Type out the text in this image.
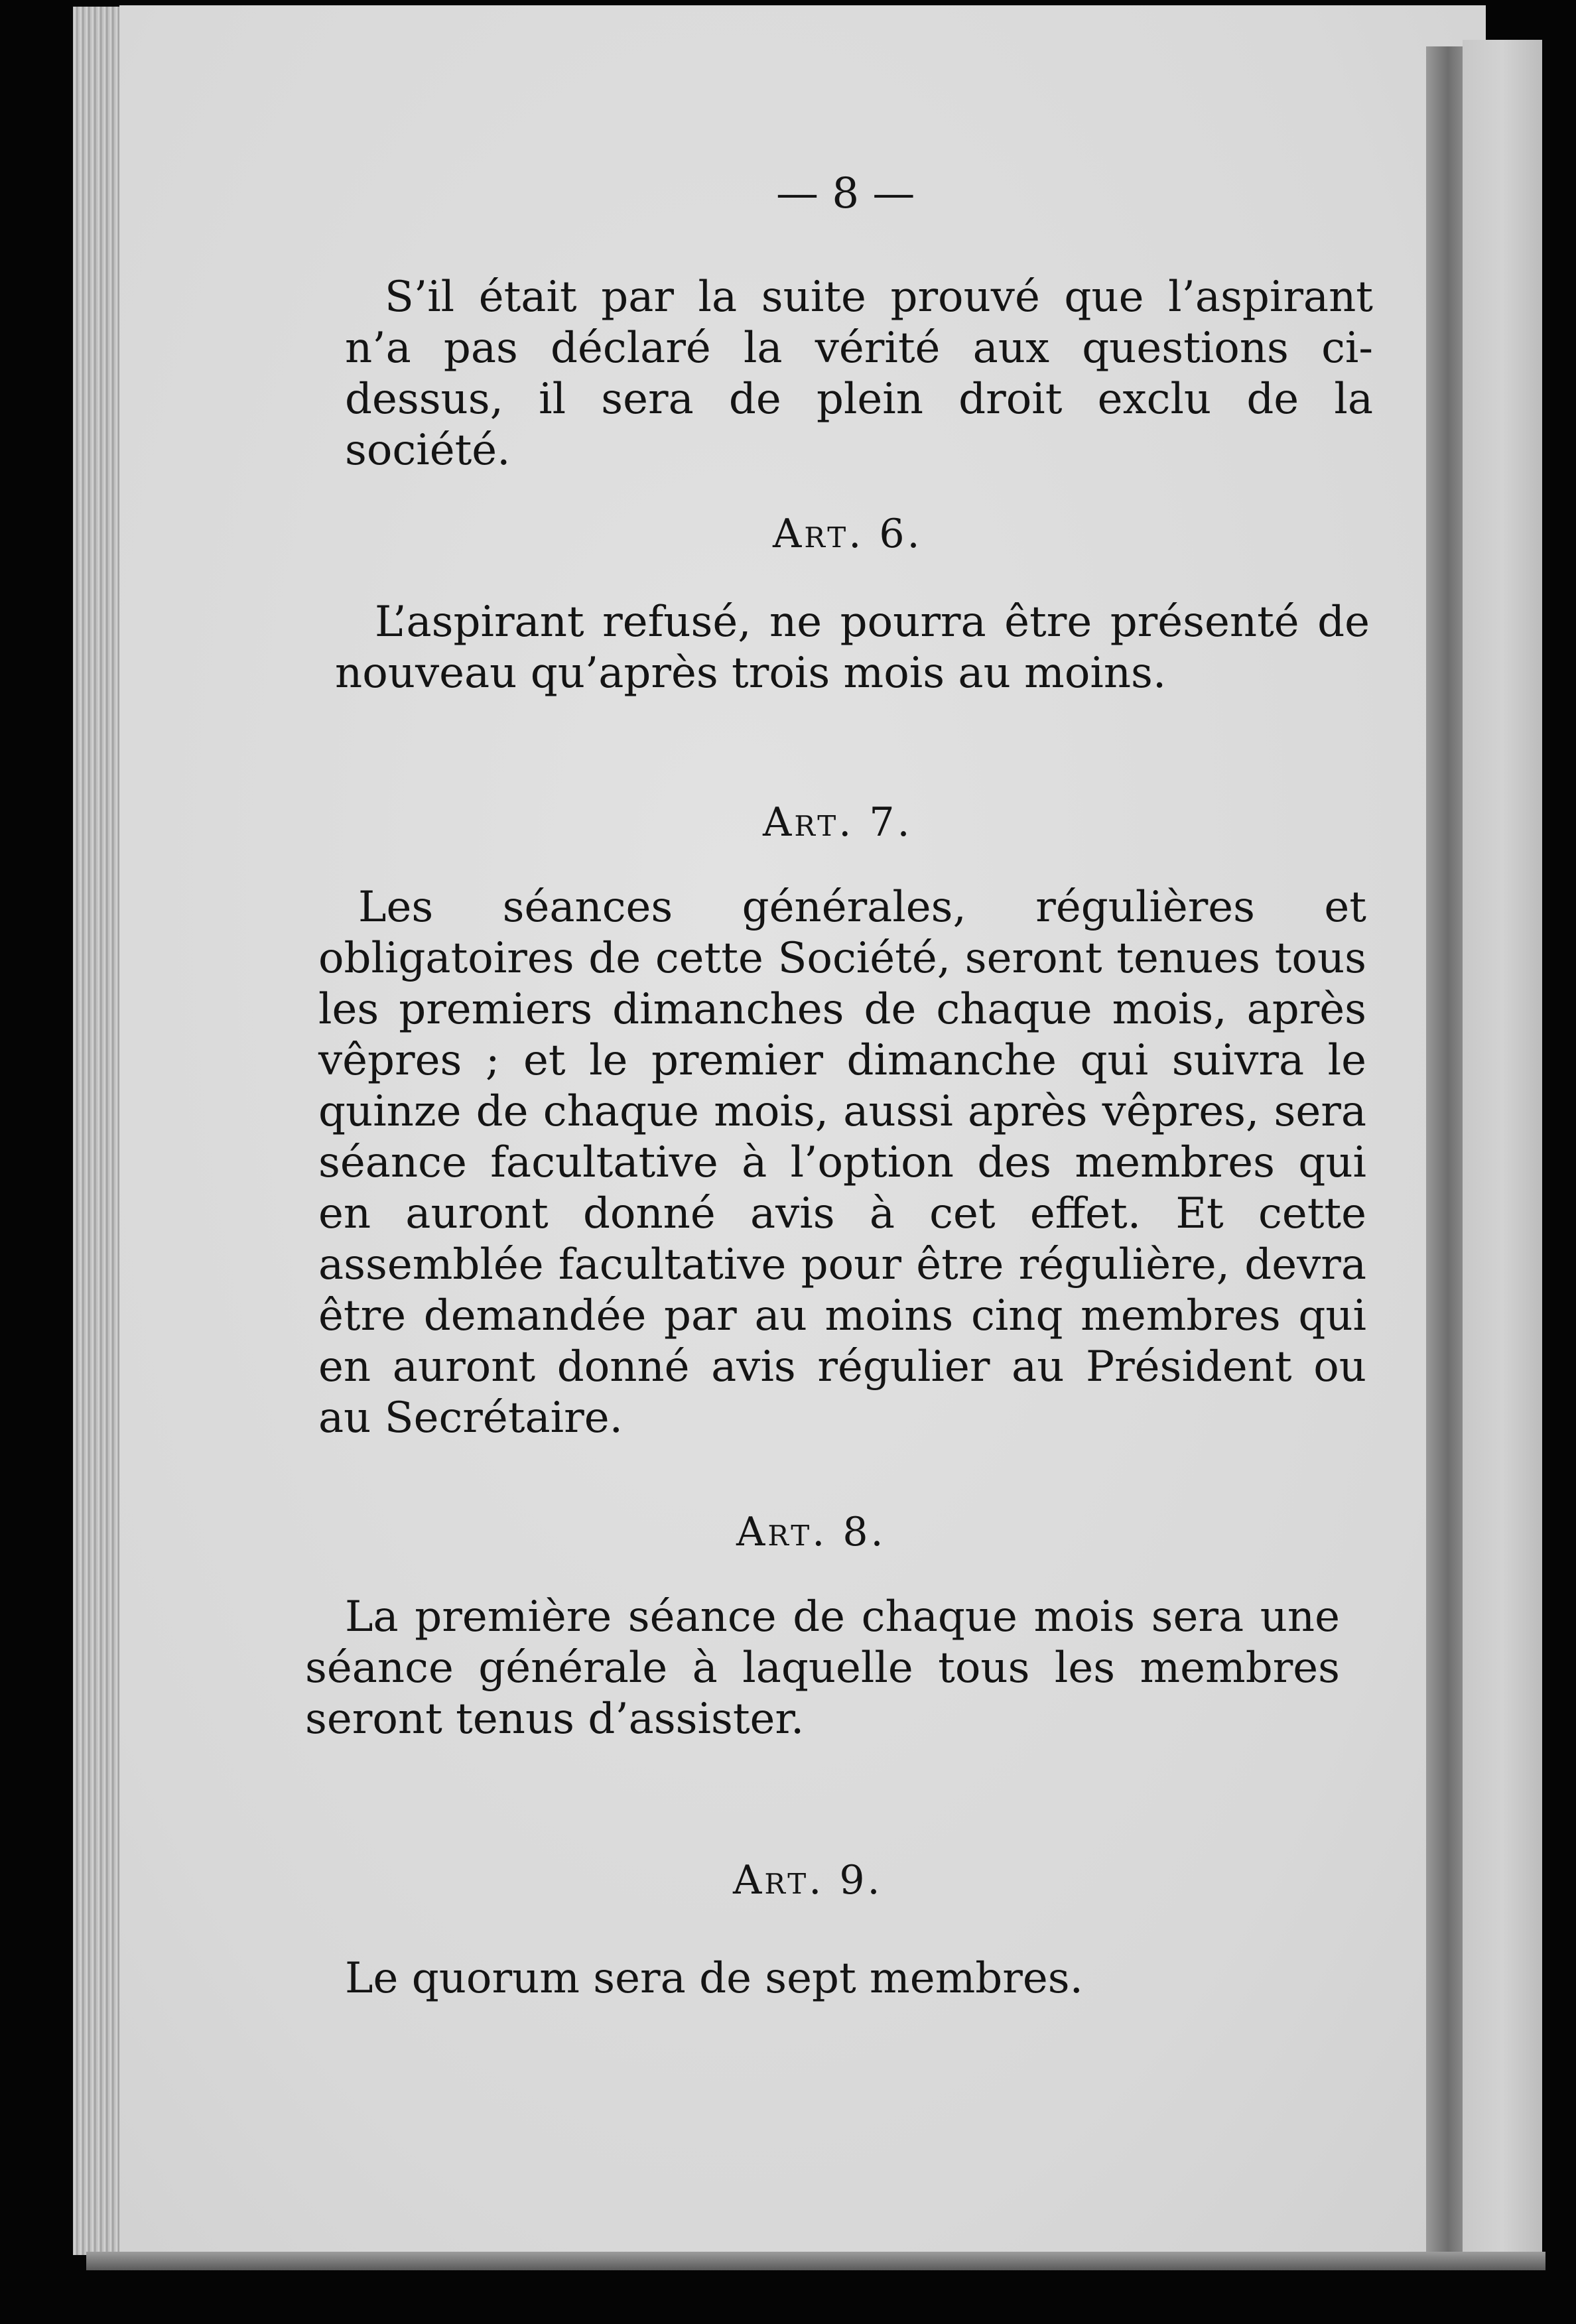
— 8 —

S’il était par la suite prouvé que l’aspirant n’a pas déclaré la vérité aux questions ci-dessus, il sera de plein droit exclu de la société.

Art. 6.

L’aspirant refusé, ne pourra être présenté de nouveau qu’après trois mois au moins.

Art. 7.

Les séances générales, régulières et obligatoires de cette Société, seront tenues tous les premiers dimanches de chaque mois, après vêpres ; et le premier dimanche qui suivra le quinze de chaque mois, aussi après vêpres, sera séance facultative à l’option des membres qui en auront donné avis à cet effet. Et cette assemblée facultative pour être régulière, devra être demandée par au moins cinq membres qui en auront donné avis régulier au Président ou au Secrétaire.

Art. 8.

La première séance de chaque mois sera une séance générale à laquelle tous les membres seront tenus d’assister.

Art. 9.

Le quorum sera de sept membres.
